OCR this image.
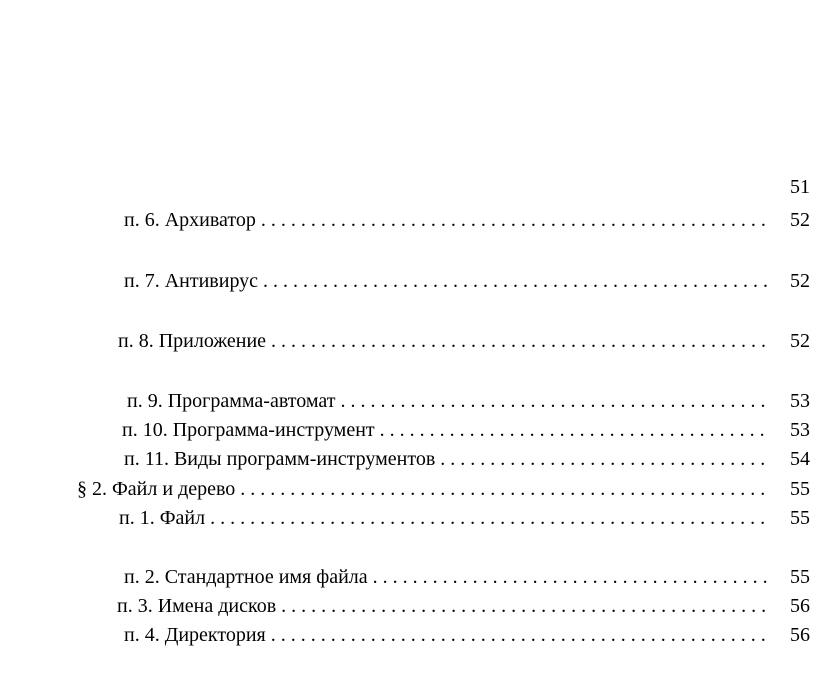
51
п. 6. Архиватор . . . . . . . . . . . . . . . . . . . . . . . . . . . . . . . . . . . . . . . . . . . . . . . . . . . 52
п. 7. Антивирус . . . . . . . . . . . . . . . . . . . . . . . . . . . . . . . . . . . . . . . . . . . . . . . . . . . 52
п. 8. Приложение . . . . . . . . . . . . . . . . . . . . . . . . . . . . . . . . . . . . . . . . . . . . . . . . . . 52
п. 9. Программа-автомат . . . . . . . . . . . . . . . . . . . . . . . . . . . . . . . . . . . . . . . . . . . 53
п. 10. Программа-инструмент . . . . . . . . . . . . . . . . . . . . . . . . . . . . . . . . . . . . . . . 53
п. 11. Виды программ-инструментов . . . . . . . . . . . . . . . . . . . . . . . . . . . . . . . . . 54
§ 2. Файл и дерево . . . . . . . . . . . . . . . . . . . . . . . . . . . . . . . . . . . . . . . . . . . . . . . . . . . . . 55
п. 1. Файл . . . . . . . . . . . . . . . . . . . . . . . . . . . . . . . . . . . . . . . . . . . . . . . . . . . . . . . . 55
п. 2. Стандартное имя файла . . . . . . . . . . . . . . . . . . . . . . . . . . . . . . . . . . . . . . . . 55
п. 3. Имена дисков . . . . . . . . . . . . . . . . . . . . . . . . . . . . . . . . . . . . . . . . . . . . . . . . . 56
п. 4. Директория . . . . . . . . . . . . . . . . . . . . . . . . . . . . . . . . . . . . . . . . . . . . . . . . . . 56
